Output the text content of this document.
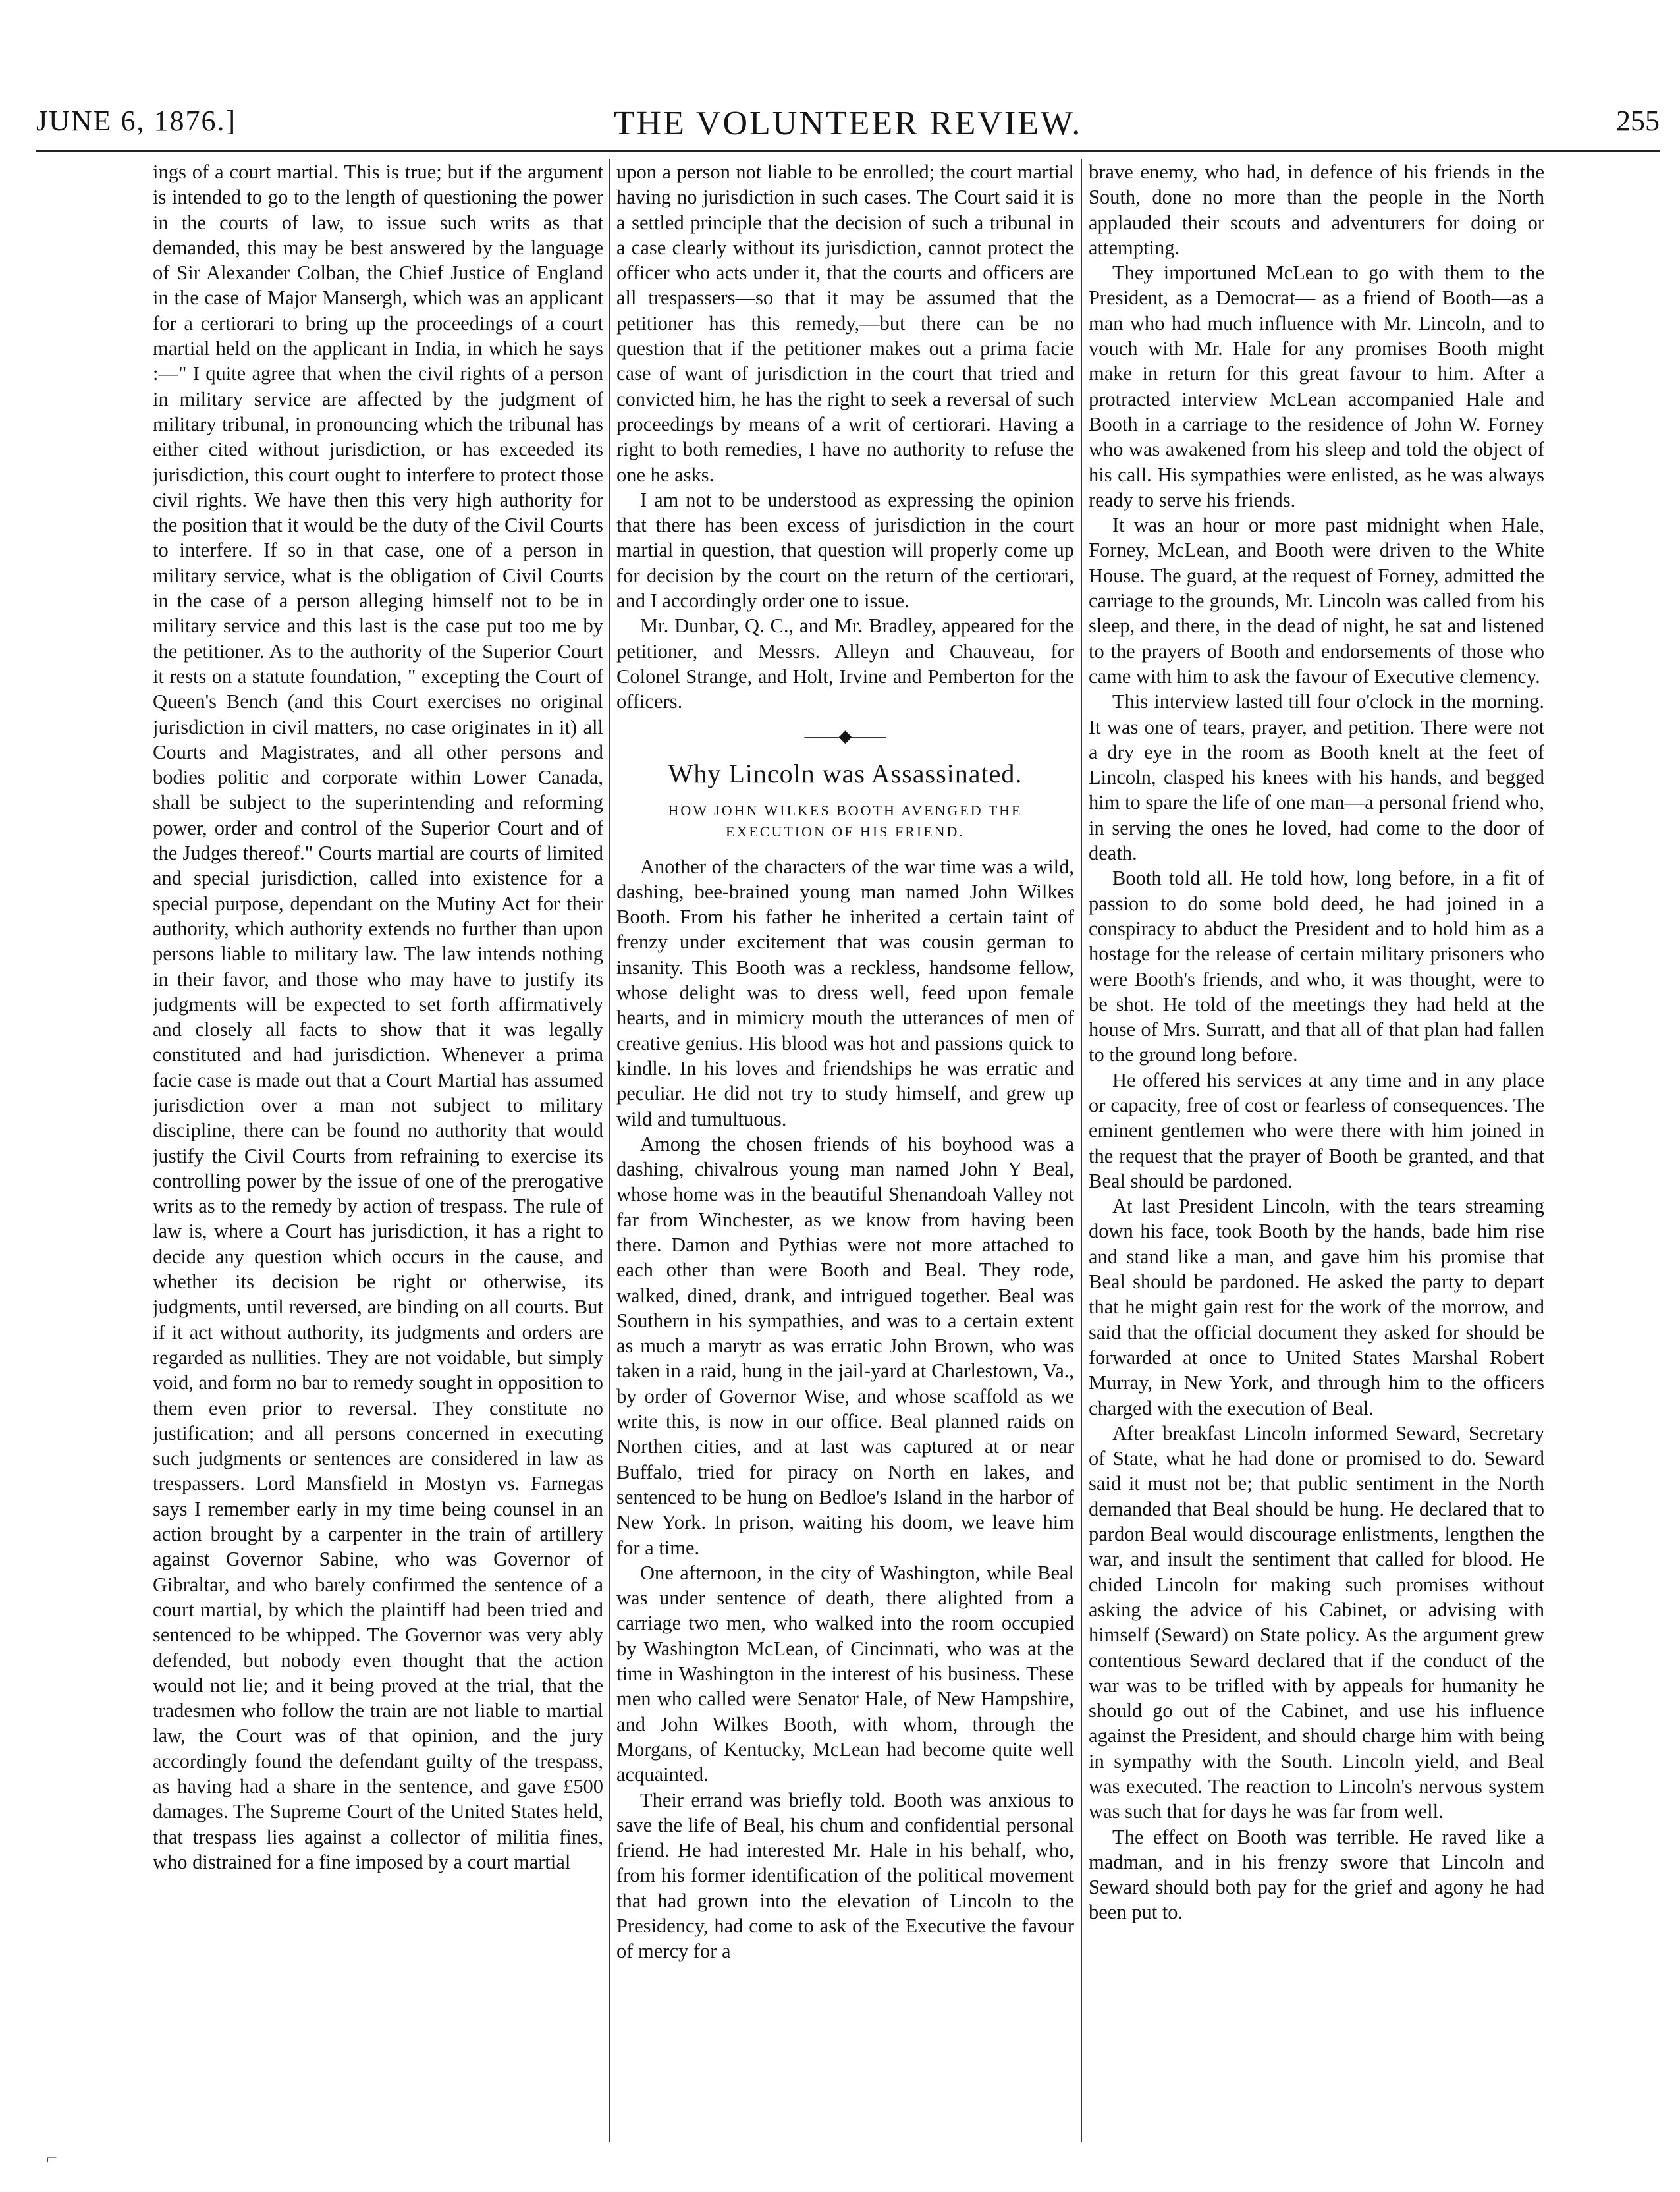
JUNE 6, 1876.]	THE VOLUNTEER REVIEW.	255

ings of a court martial. This is true; but if the argument is intended to go to the length of questioning the power in the courts of law, to issue such writs as that demanded, this may be best answered by the language of Sir Alexander Colban, the Chief Justice of England in the case of Major Mansergh, which was an applicant for a certiorari to bring up the proceedings of a court martial held on the applicant in India, in which he says :—" I quite agree that when the civil rights of a person in military service are affected by the judgment of military tribunal, in pronouncing which the tribunal has either cited without jurisdiction, or has exceeded its jurisdiction, this court ought to interfere to protect those civil rights. We have then this very high authority for the position that it would be the duty of the Civil Courts to interfere. If so in that case, one of a person in military service, what is the obligation of Civil Courts in the case of a person alleging himself not to be in military service and this last is the case put too me by the petitioner. As to the authority of the Superior Court it rests on a statute foundation, " excepting the Court of Queen's Bench (and this Court exercises no original jurisdiction in civil matters, no case originates in it) all Courts and Magistrates, and all other persons and bodies politic and corporate within Lower Canada, shall be subject to the superintending and reforming power, order and control of the Superior Court and of the Judges thereof." Courts martial are courts of limited and special jurisdiction, called into existence for a special purpose, dependant on the Mutiny Act for their authority, which authority extends no further than upon persons liable to military law. The law intends nothing in their favor, and those who may have to justify its judgments will be expected to set forth affirmatively and closely all facts to show that it was legally constituted and had jurisdiction. Whenever a prima facie case is made out that a Court Martial has assumed jurisdiction over a man not subject to military discipline, there can be found no authority that would justify the Civil Courts from refraining to exercise its controlling power by the issue of one of the prerogative writs as to the remedy by action of trespass. The rule of law is, where a Court has jurisdiction, it has a right to decide any question which occurs in the cause, and whether its decision be right or otherwise, its judgments, until reversed, are binding on all courts. But if it act without authority, its judgments and orders are regarded as nullities. They are not voidable, but simply void, and form no bar to remedy sought in opposition to them even prior to reversal. They constitute no justification; and all persons concerned in executing such judgments or sentences are considered in law as trespassers. Lord Mansfield in Mostyn vs. Farnegas says I remember early in my time being counsel in an action brought by a carpenter in the train of artillery against Governor Sabine, who was Governor of Gibraltar, and who barely confirmed the sentence of a court martial, by which the plaintiff had been tried and sentenced to be whipped. The Governor was very ably defended, but nobody even thought that the action would not lie; and it being proved at the trial, that the tradesmen who follow the train are not liable to martial law, the Court was of that opinion, and the jury accordingly found the defendant guilty of the trespass, as having had a share in the sentence, and gave £500 damages. The Supreme Court of the United States held, that trespass lies against a collector of militia fines, who distrained for a fine imposed by a court martial

upon a person not liable to be enrolled; the court martial having no jurisdiction in such cases. The Court said it is a settled principle that the decision of such a tribunal in a case clearly without its jurisdiction, cannot protect the officer who acts under it, that the courts and officers are all trespassers—so that it may be assumed that the petitioner has this remedy,—but there can be no question that if the petitioner makes out a prima facie case of want of jurisdiction in the court that tried and convicted him, he has the right to seek a reversal of such proceedings by means of a writ of certiorari. Having a right to both remedies, I have no authority to refuse the one he asks.

I am not to be understood as expressing the opinion that there has been excess of jurisdiction in the court martial in question, that question will properly come up for decision by the court on the return of the certiorari, and I accordingly order one to issue.

Mr. Dunbar, Q. C., and Mr. Bradley, appeared for the petitioner, and Messrs. Alleyn and Chauveau, for Colonel Strange, and Holt, Irvine and Pemberton for the officers.

——◆——

Why Lincoln was Assassinated.

HOW JOHN WILKES BOOTH AVENGED THE EXECUTION OF HIS FRIEND.

Another of the characters of the war time was a wild, dashing, bee-brained young man named John Wilkes Booth. From his father he inherited a certain taint of frenzy under excitement that was cousin german to insanity. This Booth was a reckless, handsome fellow, whose delight was to dress well, feed upon female hearts, and in mimicry mouth the utterances of men of creative genius. His blood was hot and passions quick to kindle. In his loves and friendships he was erratic and peculiar. He did not try to study himself, and grew up wild and tumultuous.

Among the chosen friends of his boyhood was a dashing, chivalrous young man named John Y Beal, whose home was in the beautiful Shenandoah Valley not far from Winchester, as we know from having been there. Damon and Pythias were not more attached to each other than were Booth and Beal. They rode, walked, dined, drank, and intrigued together. Beal was Southern in his sympathies, and was to a certain extent as much a marytr as was erratic John Brown, who was taken in a raid, hung in the jail-yard at Charlestown, Va., by order of Governor Wise, and whose scaffold as we write this, is now in our office. Beal planned raids on Northen cities, and at last was captured at or near Buffalo, tried for piracy on North en lakes, and sentenced to be hung on Bedloe's Island in the harbor of New York. In prison, waiting his doom, we leave him for a time.

One afternoon, in the city of Washington, while Beal was under sentence of death, there alighted from a carriage two men, who walked into the room occupied by Washington McLean, of Cincinnati, who was at the time in Washington in the interest of his business. These men who called were Senator Hale, of New Hampshire, and John Wilkes Booth, with whom, through the Morgans, of Kentucky, McLean had become quite well acquainted.

Their errand was briefly told. Booth was anxious to save the life of Beal, his chum and confidential personal friend. He had interested Mr. Hale in his behalf, who, from his former identification of the political movement that had grown into the elevation of Lincoln to the Presidency, had come to ask of the Executive the favour of mercy for a

brave enemy, who had, in defence of his friends in the South, done no more than the people in the North applauded their scouts and adventurers for doing or attempting.

They importuned McLean to go with them to the President, as a Democrat— as a friend of Booth—as a man who had much influence with Mr. Lincoln, and to vouch with Mr. Hale for any promises Booth might make in return for this great favour to him. After a protracted interview McLean accompanied Hale and Booth in a carriage to the residence of John W. Forney who was awakened from his sleep and told the object of his call. His sympathies were enlisted, as he was always ready to serve his friends.

It was an hour or more past midnight when Hale, Forney, McLean, and Booth were driven to the White House. The guard, at the request of Forney, admitted the carriage to the grounds, Mr. Lincoln was called from his sleep, and there, in the dead of night, he sat and listened to the prayers of Booth and endorsements of those who came with him to ask the favour of Executive clemency.

This interview lasted till four o'clock in the morning. It was one of tears, prayer, and petition. There were not a dry eye in the room as Booth knelt at the feet of Lincoln, clasped his knees with his hands, and begged him to spare the life of one man—a personal friend who, in serving the ones he loved, had come to the door of death.

Booth told all. He told how, long before, in a fit of passion to do some bold deed, he had joined in a conspiracy to abduct the President and to hold him as a hostage for the release of certain military prisoners who were Booth's friends, and who, it was thought, were to be shot. He told of the meetings they had held at the house of Mrs. Surratt, and that all of that plan had fallen to the ground long before.

He offered his services at any time and in any place or capacity, free of cost or fearless of consequences. The eminent gentlemen who were there with him joined in the request that the prayer of Booth be granted, and that Beal should be pardoned.

At last President Lincoln, with the tears streaming down his face, took Booth by the hands, bade him rise and stand like a man, and gave him his promise that Beal should be pardoned. He asked the party to depart that he might gain rest for the work of the morrow, and said that the official document they asked for should be forwarded at once to United States Marshal Robert Murray, in New York, and through him to the officers charged with the execution of Beal.

After breakfast Lincoln informed Seward, Secretary of State, what he had done or promised to do. Seward said it must not be; that public sentiment in the North demanded that Beal should be hung. He declared that to pardon Beal would discourage enlistments, lengthen the war, and insult the sentiment that called for blood. He chided Lincoln for making such promises without asking the advice of his Cabinet, or advising with himself (Seward) on State policy. As the argument grew contentious Seward declared that if the conduct of the war was to be trifled with by appeals for humanity he should go out of the Cabinet, and use his influence against the President, and should charge him with being in sympathy with the South. Lincoln yield, and Beal was executed. The reaction to Lincoln's nervous system was such that for days he was far from well.

The effect on Booth was terrible. He raved like a madman, and in his frenzy swore that Lincoln and Seward should both pay for the grief and agony he had been put to.

⌐
